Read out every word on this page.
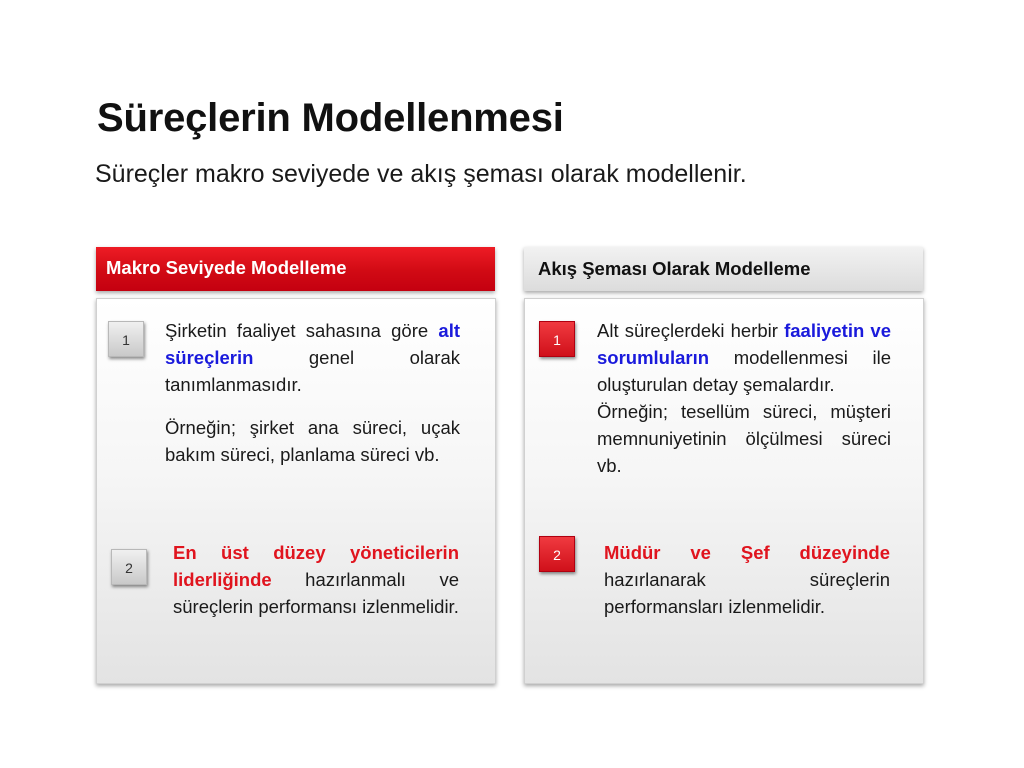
Süreçlerin Modellenmesi
Süreçler makro seviyede ve akış şeması olarak modellenir.
Makro Seviyede Modelleme
1	Şirketin faaliyet sahasına göre alt süreçlerin genel olarak tanımlanmasıdır.

Örneğin; şirket ana süreci, uçak bakım süreci, planlama süreci vb.

2

En üst düzey yöneticilerin liderliğinde hazırlanmalı ve süreçlerin performansı izlenmelidir.

Akış Şeması Olarak Modelleme
1	Alt süreçlerdeki herbir faaliyetin ve sorumluların modellenmesi ile oluşturulan detay şemalardır.

Örneğin; tesellüm süreci, müşteri memnuniyetinin ölçülmesi süreci vb.

2	Müdür ve Şef düzeyinde hazırlanarak süreçlerin performansları izlenmelidir.
